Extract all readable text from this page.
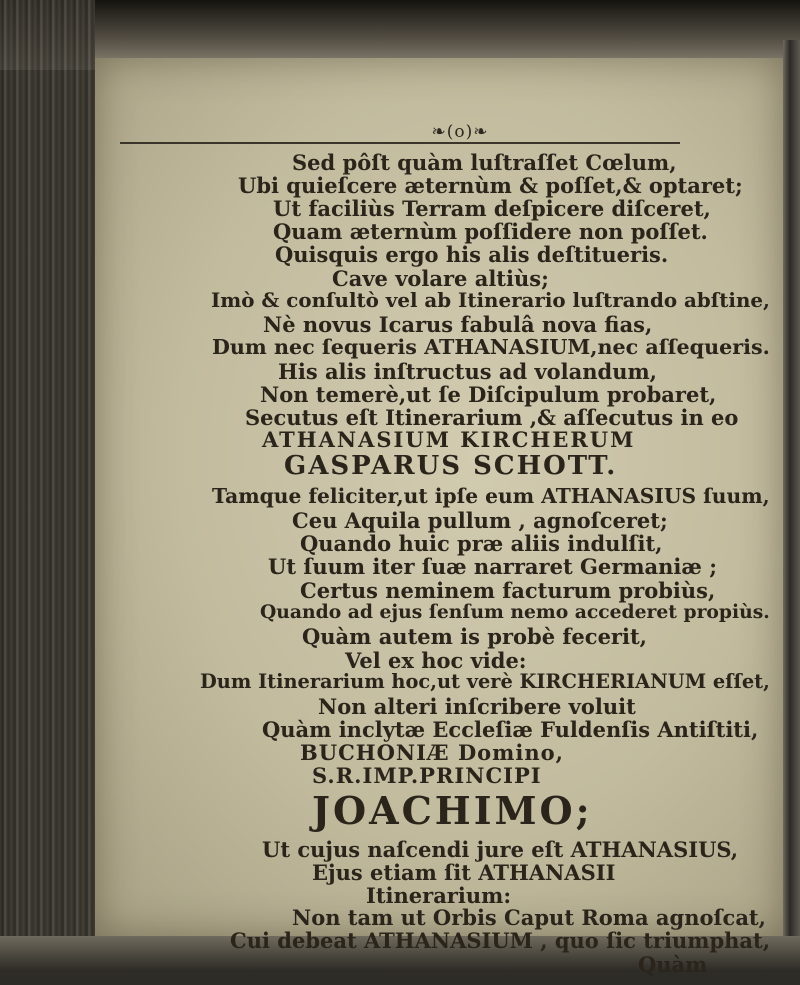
❧(o)❧
Sed pôſt quàm luſtraſſet Cœlum,
Ubi quieſcere æternùm & poſſet,& optaret;
Ut faciliùs Terram deſpicere diſceret,
Quam æternùm poſſidere non poſſet.
Quisquis ergo his alis deſtitueris.
Cave volare altiùs;
Imò & conſultò vel ab Itinerario luſtrando abſtine,
Nè novus Icarus fabulâ nova fias,
Dum nec ſequeris ATHANASIUM,nec aſſequeris.
His alis inſtructus ad volandum,
Non temerè,ut ſe Diſcipulum probaret,
Secutus eſt Itinerarium ,& aſſecutus in eo
ATHANASIUM KIRCHERUM
GASPARUS SCHOTT.
Tamque feliciter,ut ipſe eum ATHANASIUS ſuum,
Ceu Aquila pullum , agnoſceret;
Quando huic præ aliis indulſit,
Ut ſuum iter ſuæ narraret Germaniæ ;
Certus neminem facturum probiùs,
Quando ad ejus ſenſum nemo accederet propiùs.
Quàm autem is probè fecerit,
Vel ex hoc vide:
Dum Itinerarium hoc,ut verè KIRCHERIANUM eſſet,
Non alteri inſcribere voluit
Quàm inclytæ Eccleſiæ Fuldenſis Antiſtiti,
BUCHONIÆ Domino,
S.R.IMP.PRINCIPI
JOACHIMO;
Ut cujus naſcendi jure eſt ATHANASIUS,
Ejus etiam ſit ATHANASII
Itinerarium:
Non tam ut Orbis Caput Roma agnoſcat,
Cui debeat ATHANASIUM , quo ſic triumphat,
Quàm
